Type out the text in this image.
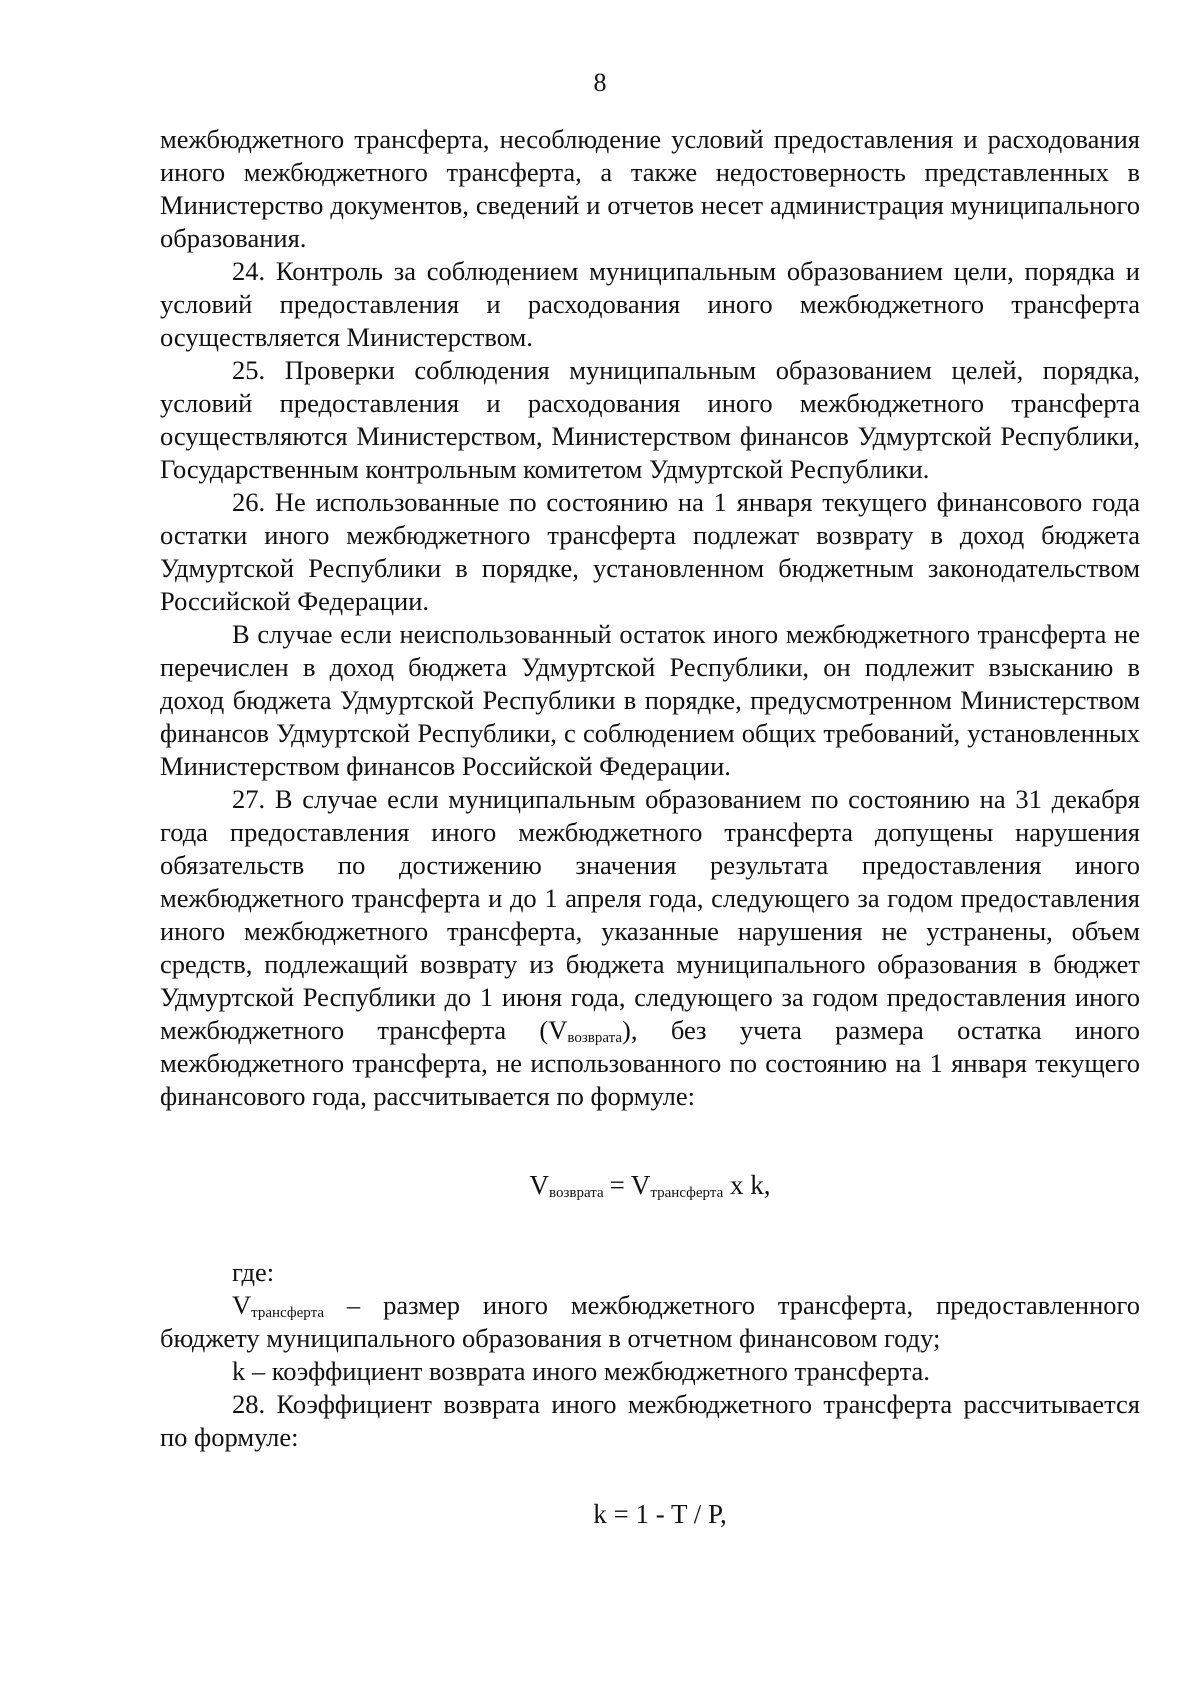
8

межбюджетного трансферта, несоблюдение условий предоставления и расходования иного межбюджетного трансферта, а также недостоверность представленных в Министерство документов, сведений и отчетов несет администрация муниципального образования.

24. Контроль за соблюдением муниципальным образованием цели, порядка и условий предоставления и расходования иного межбюджетного трансферта осуществляется Министерством.

25. Проверки соблюдения муниципальным образованием целей, порядка, условий предоставления и расходования иного межбюджетного трансферта осуществляются Министерством, Министерством финансов Удмуртской Республики, Государственным контрольным комитетом Удмуртской Республики.

26. Не использованные по состоянию на 1 января текущего финансового года остатки иного межбюджетного трансферта подлежат возврату в доход бюджета Удмуртской Республики в порядке, установленном бюджетным законодательством Российской Федерации.

В случае если неиспользованный остаток иного межбюджетного трансферта не перечислен в доход бюджета Удмуртской Республики, он подлежит взысканию в доход бюджета Удмуртской Республики в порядке, предусмотренном Министерством финансов Удмуртской Республики, с соблюдением общих требований, установленных Министерством финансов Российской Федерации.

27. В случае если муниципальным образованием по состоянию на 31 декабря года предоставления иного межбюджетного трансферта допущены нарушения обязательств по достижению значения результата предоставления иного межбюджетного трансферта и до 1 апреля года, следующего за годом предоставления иного межбюджетного трансферта, указанные нарушения не устранены, объем средств, подлежащий возврату из бюджета муниципального образования в бюджет Удмуртской Республики до 1 июня года, следующего за годом предоставления иного межбюджетного трансферта $(V_{возврата})$, без учета размера остатка иного межбюджетного трансферта, не использованного по состоянию на 1 января текущего финансового года, рассчитывается по формуле:

$V_{возврата} = V_{трансферта}$ x k,

где:

$V_{трансферта}$ – размер иного межбюджетного трансферта, предоставленного бюджету муниципального образования в отчетном финансовом году;

k – коэффициент возврата иного межбюджетного трансферта.

28. Коэффициент возврата иного межбюджетного трансферта рассчитывается по формуле:

k = 1 - T / P,
